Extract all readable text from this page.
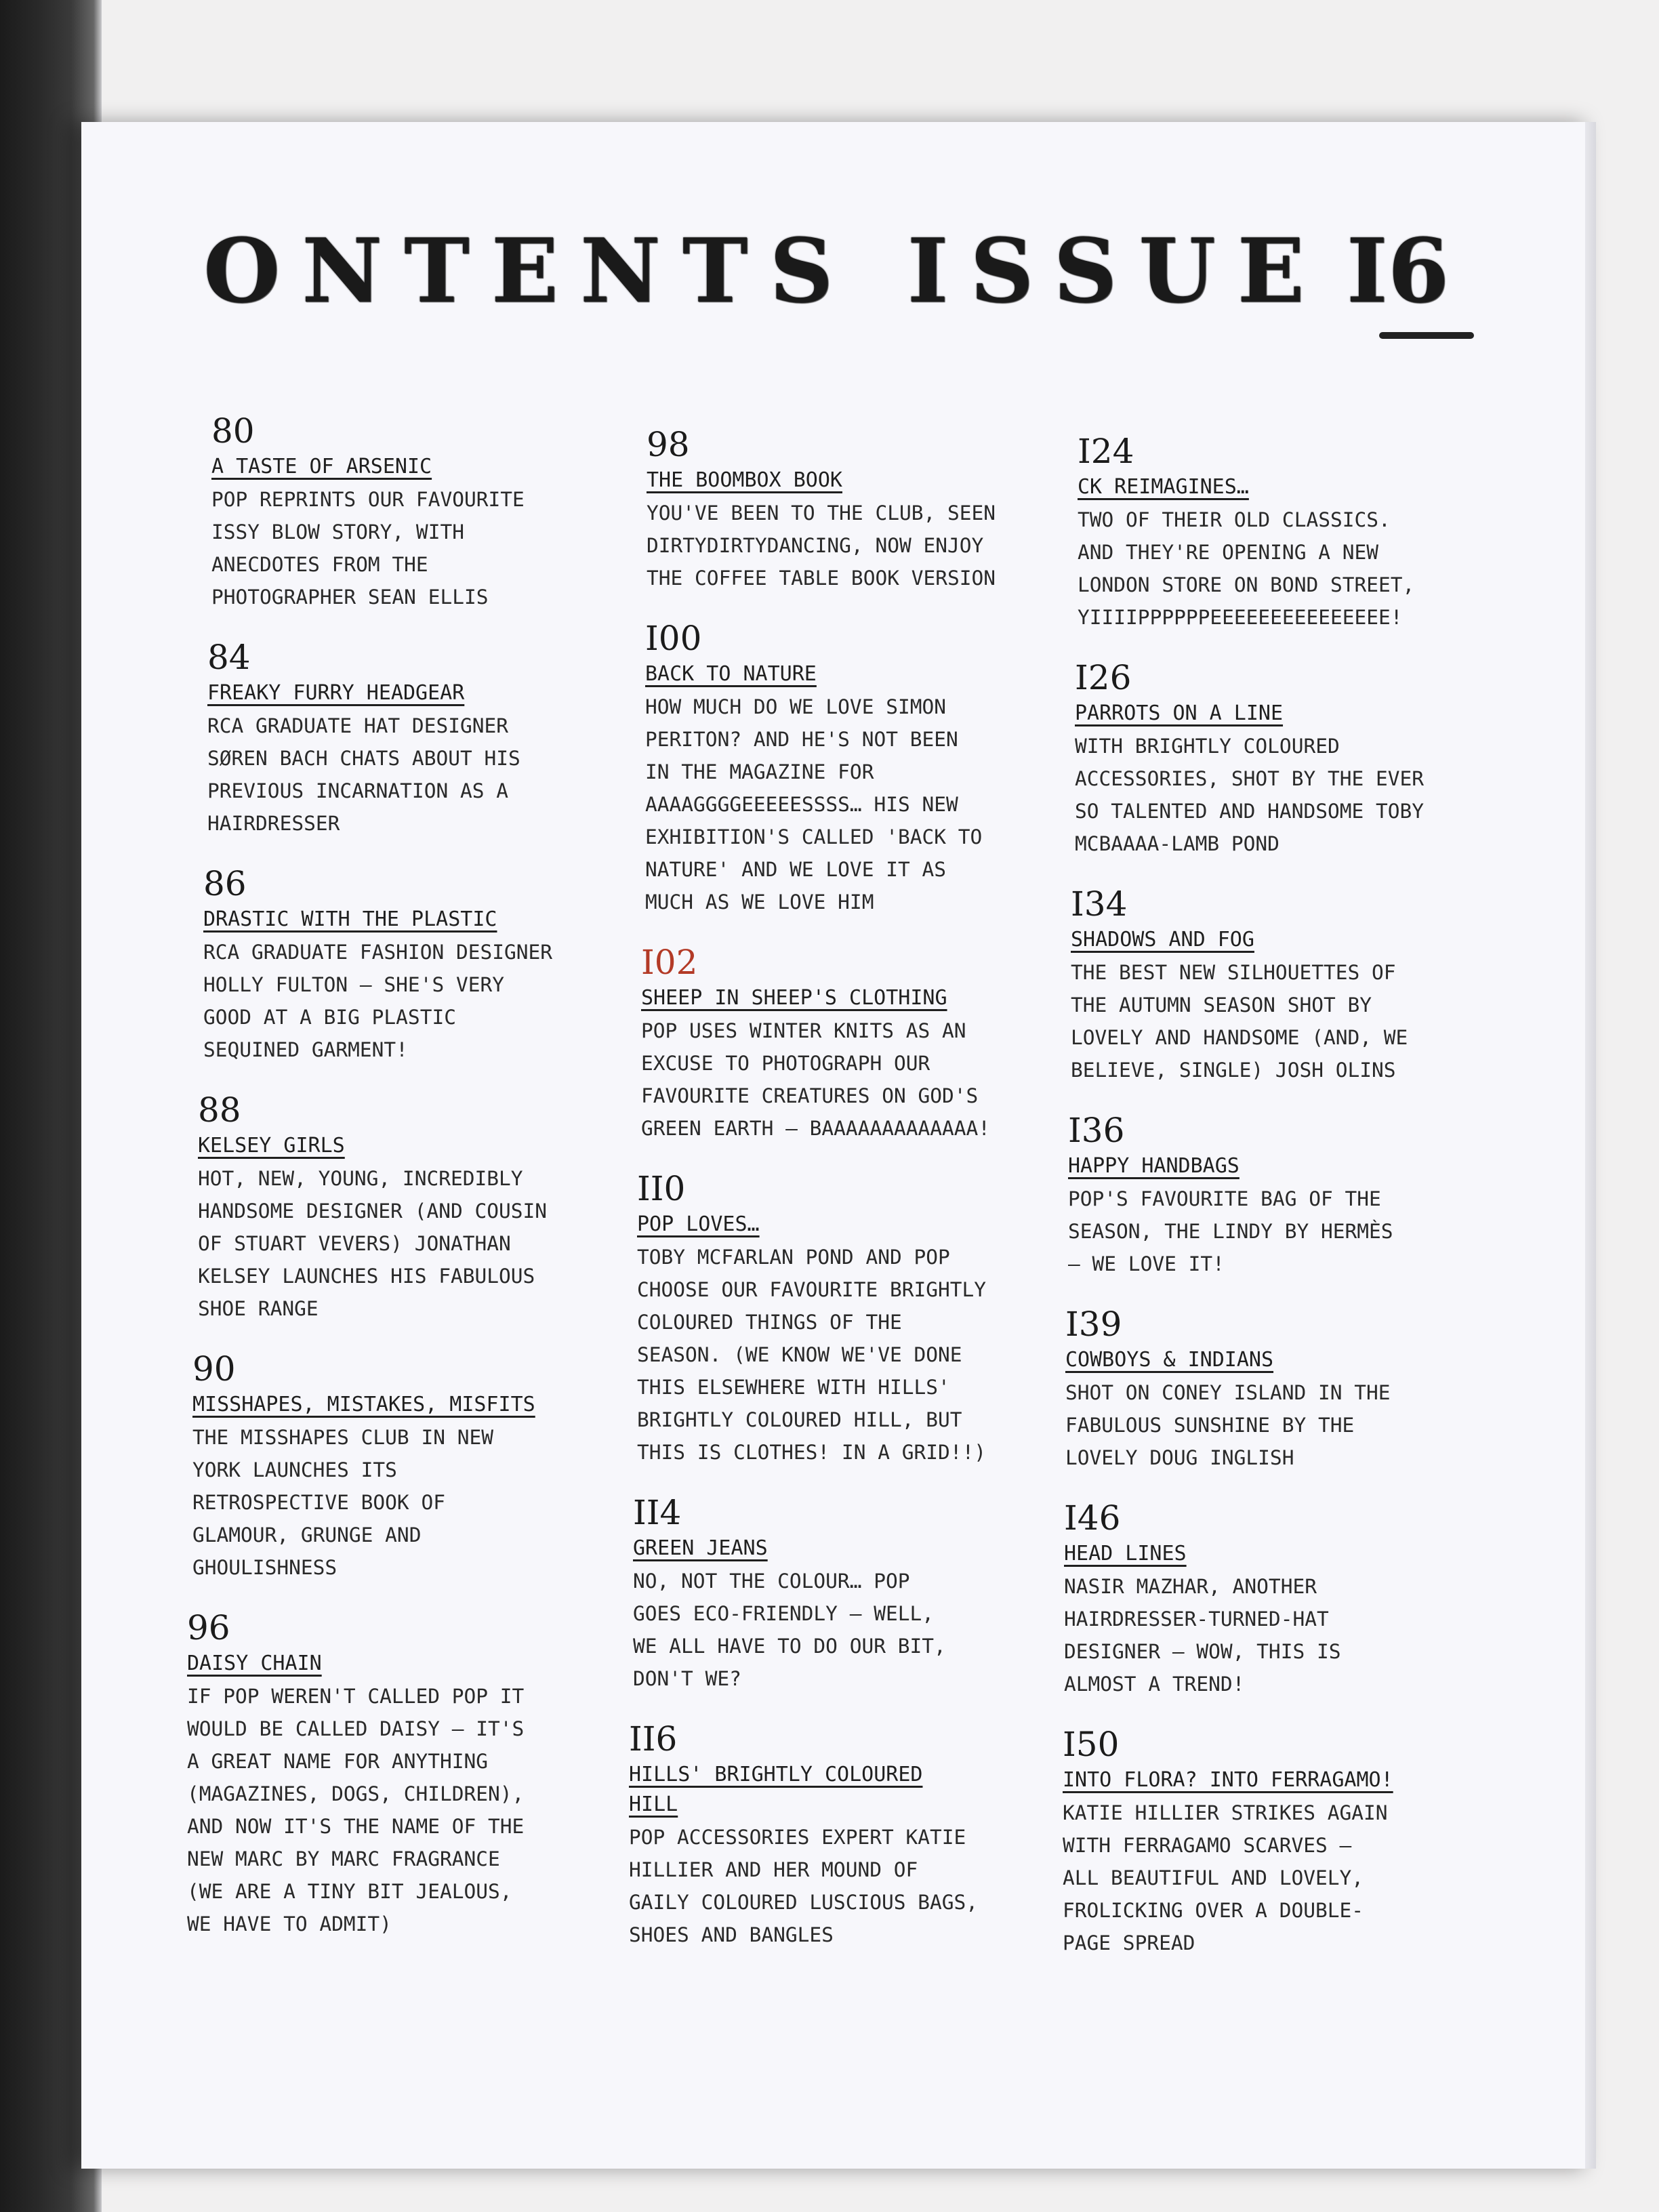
ONTENTS ISSUE I6
80
A TASTE OF ARSENIC
POP REPRINTS OUR FAVOURITE
ISSY BLOW STORY, WITH
ANECDOTES FROM THE
PHOTOGRAPHER SEAN ELLIS
84
FREAKY FURRY HEADGEAR
RCA GRADUATE HAT DESIGNER
SØREN BACH CHATS ABOUT HIS
PREVIOUS INCARNATION AS A
HAIRDRESSER
86
DRASTIC WITH THE PLASTIC
RCA GRADUATE FASHION DESIGNER
HOLLY FULTON – SHE'S VERY
GOOD AT A BIG PLASTIC
SEQUINED GARMENT!
88
KELSEY GIRLS
HOT, NEW, YOUNG, INCREDIBLY
HANDSOME DESIGNER (AND COUSIN
OF STUART VEVERS) JONATHAN
KELSEY LAUNCHES HIS FABULOUS
SHOE RANGE
90
MISSHAPES, MISTAKES, MISFITS
THE MISSHAPES CLUB IN NEW
YORK LAUNCHES ITS
RETROSPECTIVE BOOK OF
GLAMOUR, GRUNGE AND
GHOULISHNESS
96
DAISY CHAIN
IF POP WEREN'T CALLED POP IT
WOULD BE CALLED DAISY – IT'S
A GREAT NAME FOR ANYTHING
(MAGAZINES, DOGS, CHILDREN),
AND NOW IT'S THE NAME OF THE
NEW MARC BY MARC FRAGRANCE
(WE ARE A TINY BIT JEALOUS,
WE HAVE TO ADMIT)
98
THE BOOMBOX BOOK
YOU'VE BEEN TO THE CLUB, SEEN
DIRTYDIRTYDANCING, NOW ENJOY
THE COFFEE TABLE BOOK VERSION
I00
BACK TO NATURE
HOW MUCH DO WE LOVE SIMON
PERITON? AND HE'S NOT BEEN
IN THE MAGAZINE FOR
AAAAGGGGEEEEESSSS… HIS NEW
EXHIBITION'S CALLED 'BACK TO
NATURE' AND WE LOVE IT AS
MUCH AS WE LOVE HIM
I02
SHEEP IN SHEEP'S CLOTHING
POP USES WINTER KNITS AS AN
EXCUSE TO PHOTOGRAPH OUR
FAVOURITE CREATURES ON GOD'S
GREEN EARTH – BAAAAAAAAAAAAA!
II0
POP LOVES…
TOBY MCFARLAN POND AND POP
CHOOSE OUR FAVOURITE BRIGHTLY
COLOURED THINGS OF THE
SEASON. (WE KNOW WE'VE DONE
THIS ELSEWHERE WITH HILLS'
BRIGHTLY COLOURED HILL, BUT
THIS IS CLOTHES! IN A GRID!!)
II4
GREEN JEANS
NO, NOT THE COLOUR… POP
GOES ECO-FRIENDLY – WELL,
WE ALL HAVE TO DO OUR BIT,
DON'T WE?
II6
HILLS' BRIGHTLY COLOURED
HILL
POP ACCESSORIES EXPERT KATIE
HILLIER AND HER MOUND OF
GAILY COLOURED LUSCIOUS BAGS,
SHOES AND BANGLES
I24
CK REIMAGINES…
TWO OF THEIR OLD CLASSICS.
AND THEY'RE OPENING A NEW
LONDON STORE ON BOND STREET,
YIIIIPPPPPPEEEEEEEEEEEEEEE!
I26
PARROTS ON A LINE
WITH BRIGHTLY COLOURED
ACCESSORIES, SHOT BY THE EVER
SO TALENTED AND HANDSOME TOBY
MCBAAAA-LAMB POND
I34
SHADOWS AND FOG
THE BEST NEW SILHOUETTES OF
THE AUTUMN SEASON SHOT BY
LOVELY AND HANDSOME (AND, WE
BELIEVE, SINGLE) JOSH OLINS
I36
HAPPY HANDBAGS
POP'S FAVOURITE BAG OF THE
SEASON, THE LINDY BY HERMÈS
– WE LOVE IT!
I39
COWBOYS & INDIANS
SHOT ON CONEY ISLAND IN THE
FABULOUS SUNSHINE BY THE
LOVELY DOUG INGLISH
I46
HEAD LINES
NASIR MAZHAR, ANOTHER
HAIRDRESSER-TURNED-HAT
DESIGNER – WOW, THIS IS
ALMOST A TREND!
I50
INTO FLORA? INTO FERRAGAMO!
KATIE HILLIER STRIKES AGAIN
WITH FERRAGAMO SCARVES –
ALL BEAUTIFUL AND LOVELY,
FROLICKING OVER A DOUBLE-
PAGE SPREAD
